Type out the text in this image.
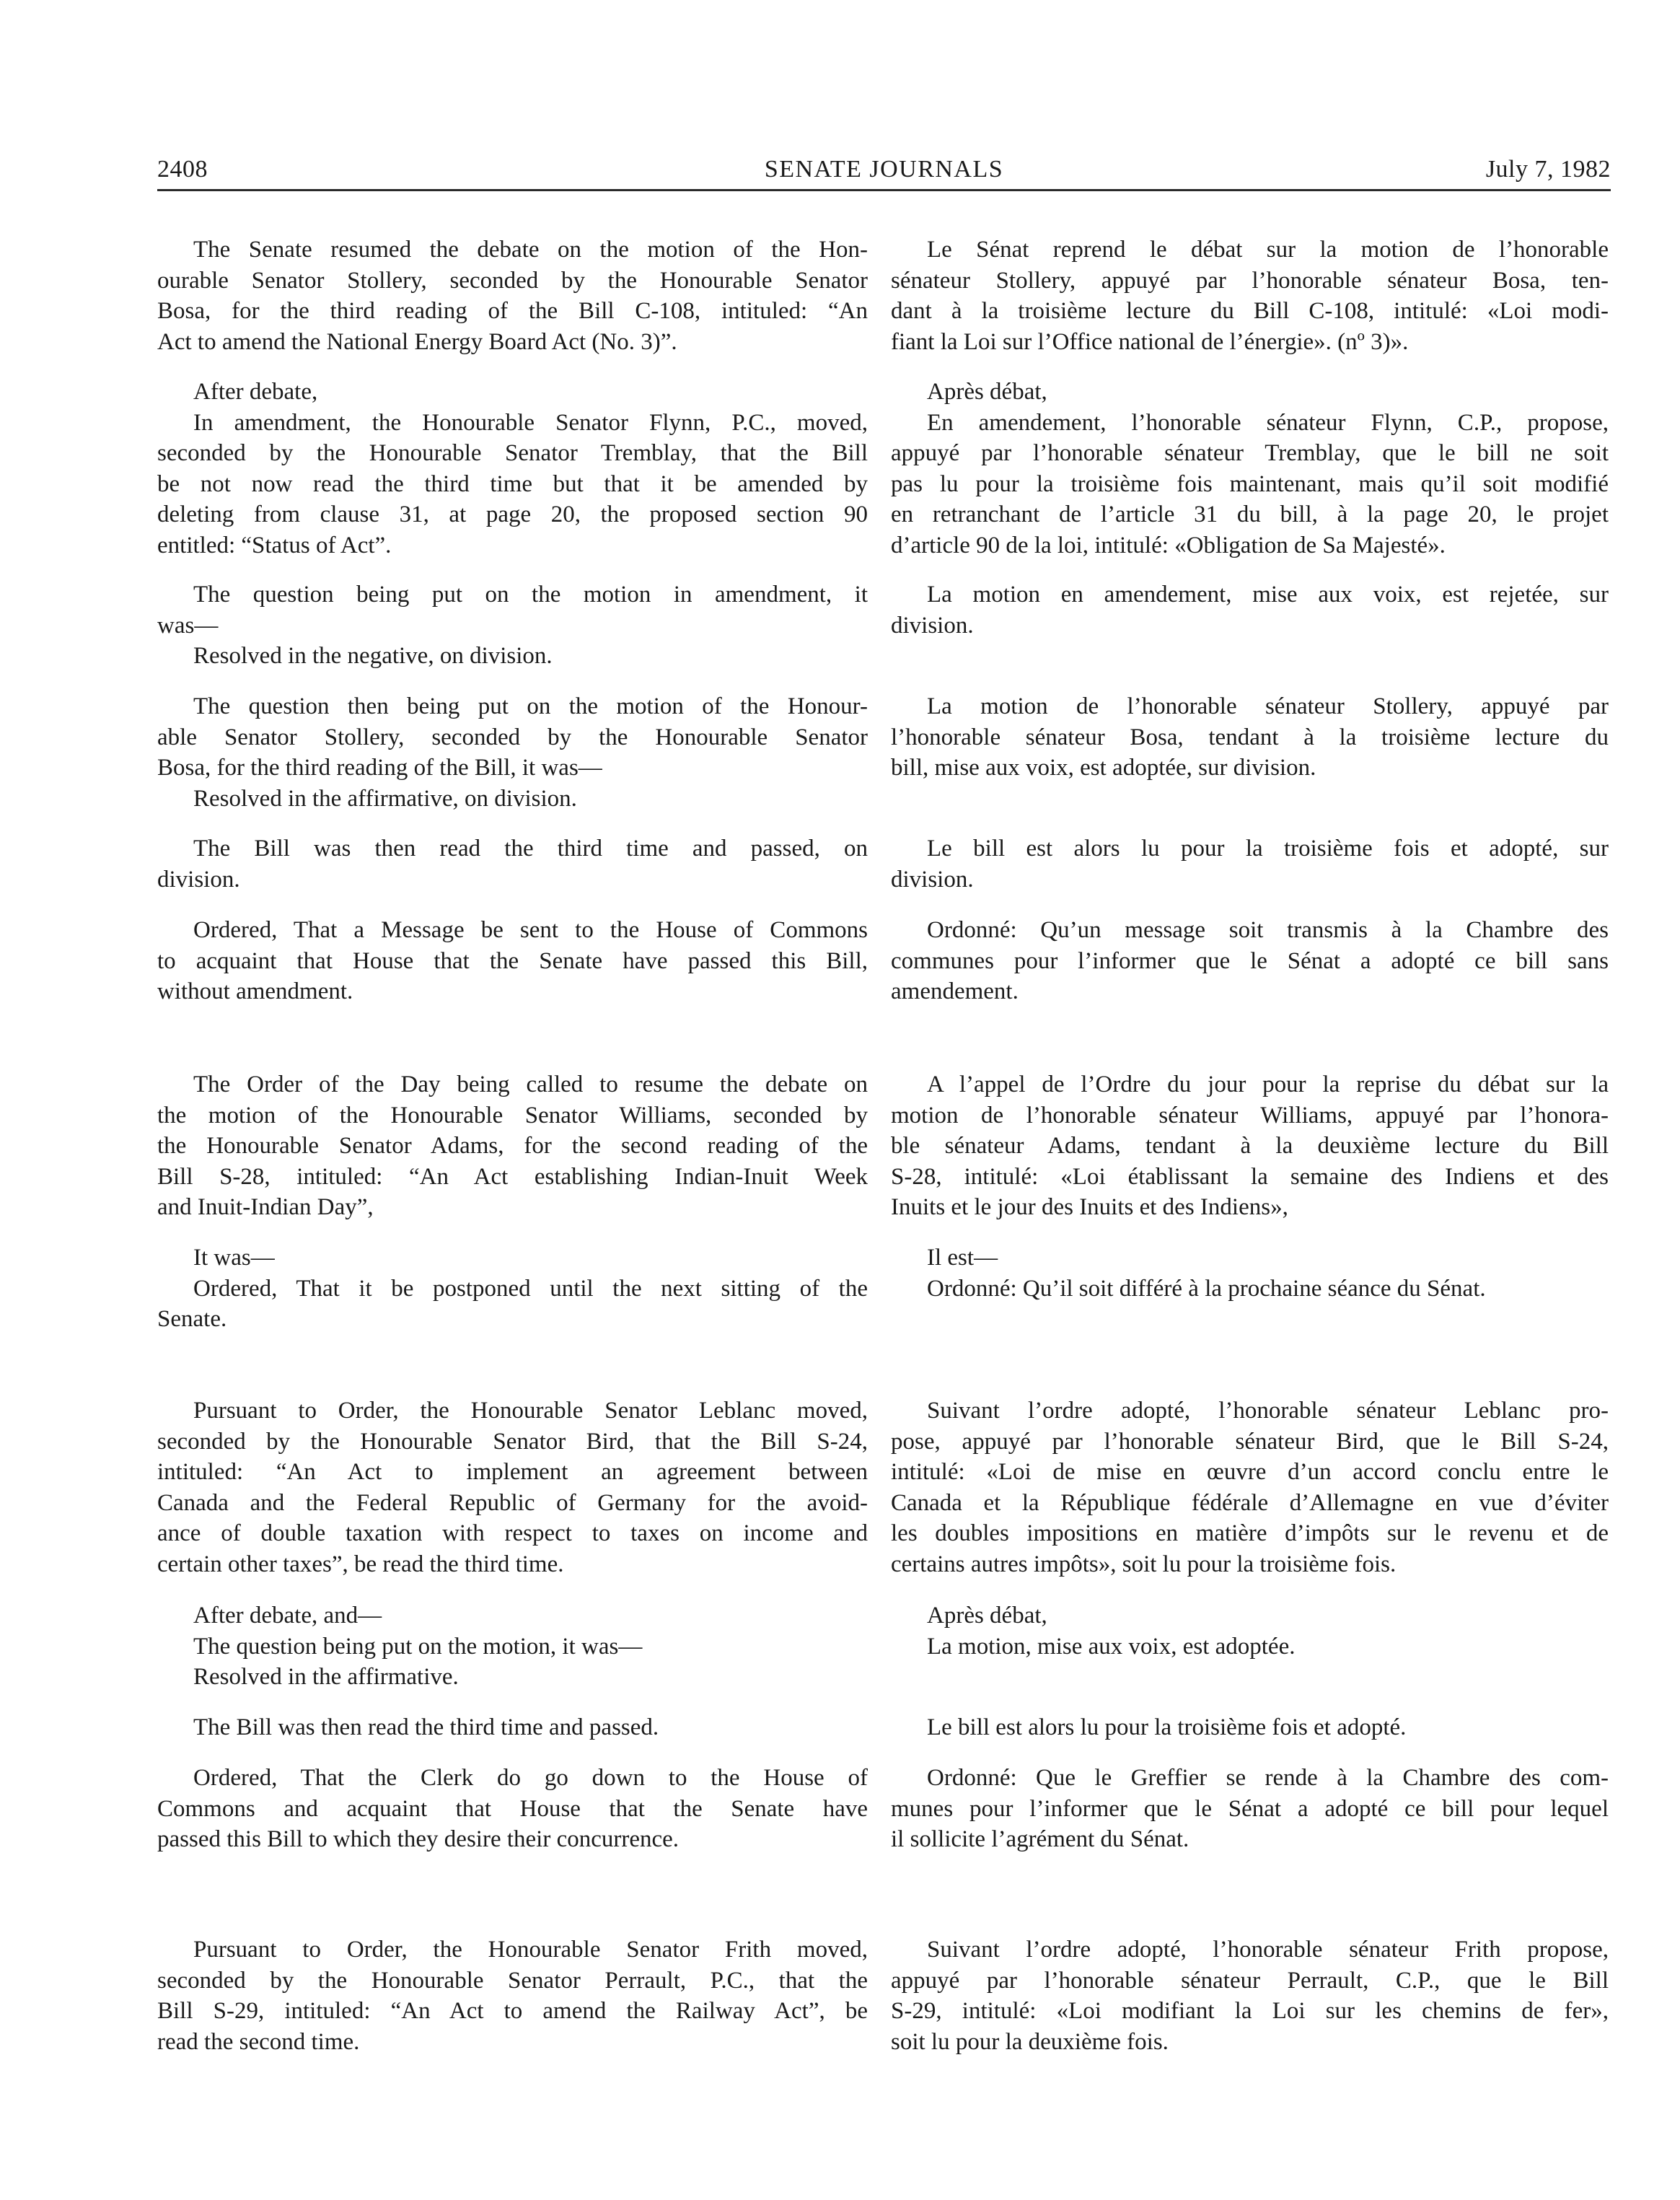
2408	SENATE JOURNALS	July 7, 1982
The Senate resumed the debate on the motion of the Hon-
ourable Senator Stollery, seconded by the Honourable Senator
Bosa, for the third reading of the Bill C-108, intituled: “An
Act to amend the National Energy Board Act (No. 3)”.
After debate,
In amendment, the Honourable Senator Flynn, P.C., moved,
seconded by the Honourable Senator Tremblay, that the Bill
be not now read the third time but that it be amended by
deleting from clause 31, at page 20, the proposed section 90
entitled: “Status of Act”.
The question being put on the motion in amendment, it
was—
Resolved in the negative, on division.
The question then being put on the motion of the Honour-
able Senator Stollery, seconded by the Honourable Senator
Bosa, for the third reading of the Bill, it was—
Resolved in the affirmative, on division.
The Bill was then read the third time and passed, on
division.
Ordered, That a Message be sent to the House of Commons
to acquaint that House that the Senate have passed this Bill,
without amendment.
The Order of the Day being called to resume the debate on
the motion of the Honourable Senator Williams, seconded by
the Honourable Senator Adams, for the second reading of the
Bill S-28, intituled: “An Act establishing Indian-Inuit Week
and Inuit-Indian Day”,
It was—
Ordered, That it be postponed until the next sitting of the
Senate.
Pursuant to Order, the Honourable Senator Leblanc moved,
seconded by the Honourable Senator Bird, that the Bill S-24,
intituled: “An Act to implement an agreement between
Canada and the Federal Republic of Germany for the avoid-
ance of double taxation with respect to taxes on income and
certain other taxes”, be read the third time.
After debate, and—
The question being put on the motion, it was—
Resolved in the affirmative.
The Bill was then read the third time and passed.
Ordered, That the Clerk do go down to the House of
Commons and acquaint that House that the Senate have
passed this Bill to which they desire their concurrence.
Pursuant to Order, the Honourable Senator Frith moved,
seconded by the Honourable Senator Perrault, P.C., that the
Bill S-29, intituled: “An Act to amend the Railway Act”, be
read the second time.
Le Sénat reprend le débat sur la motion de l’honorable
sénateur Stollery, appuyé par l’honorable sénateur Bosa, ten-
dant à la troisième lecture du Bill C-108, intitulé: «Loi modi-
fiant la Loi sur l’Office national de l’énergie». (nº 3)».
Après débat,
En amendement, l’honorable sénateur Flynn, C.P., propose,
appuyé par l’honorable sénateur Tremblay, que le bill ne soit
pas lu pour la troisième fois maintenant, mais qu’il soit modifié
en retranchant de l’article 31 du bill, à la page 20, le projet
d’article 90 de la loi, intitulé: «Obligation de Sa Majesté».
La motion en amendement, mise aux voix, est rejetée, sur
division.
La motion de l’honorable sénateur Stollery, appuyé par
l’honorable sénateur Bosa, tendant à la troisième lecture du
bill, mise aux voix, est adoptée, sur division.
Le bill est alors lu pour la troisième fois et adopté, sur
division.
Ordonné: Qu’un message soit transmis à la Chambre des
communes pour l’informer que le Sénat a adopté ce bill sans
amendement.
A l’appel de l’Ordre du jour pour la reprise du débat sur la
motion de l’honorable sénateur Williams, appuyé par l’honora-
ble sénateur Adams, tendant à la deuxième lecture du Bill
S-28, intitulé: «Loi établissant la semaine des Indiens et des
Inuits et le jour des Inuits et des Indiens»,
Il est—
Ordonné: Qu’il soit différé à la prochaine séance du Sénat.
Suivant l’ordre adopté, l’honorable sénateur Leblanc pro-
pose, appuyé par l’honorable sénateur Bird, que le Bill S-24,
intitulé: «Loi de mise en œuvre d’un accord conclu entre le
Canada et la République fédérale d’Allemagne en vue d’éviter
les doubles impositions en matière d’impôts sur le revenu et de
certains autres impôts», soit lu pour la troisième fois.
Après débat,
La motion, mise aux voix, est adoptée.
Le bill est alors lu pour la troisième fois et adopté.
Ordonné: Que le Greffier se rende à la Chambre des com-
munes pour l’informer que le Sénat a adopté ce bill pour lequel
il sollicite l’agrément du Sénat.
Suivant l’ordre adopté, l’honorable sénateur Frith propose,
appuyé par l’honorable sénateur Perrault, C.P., que le Bill
S-29, intitulé: «Loi modifiant la Loi sur les chemins de fer»,
soit lu pour la deuxième fois.
